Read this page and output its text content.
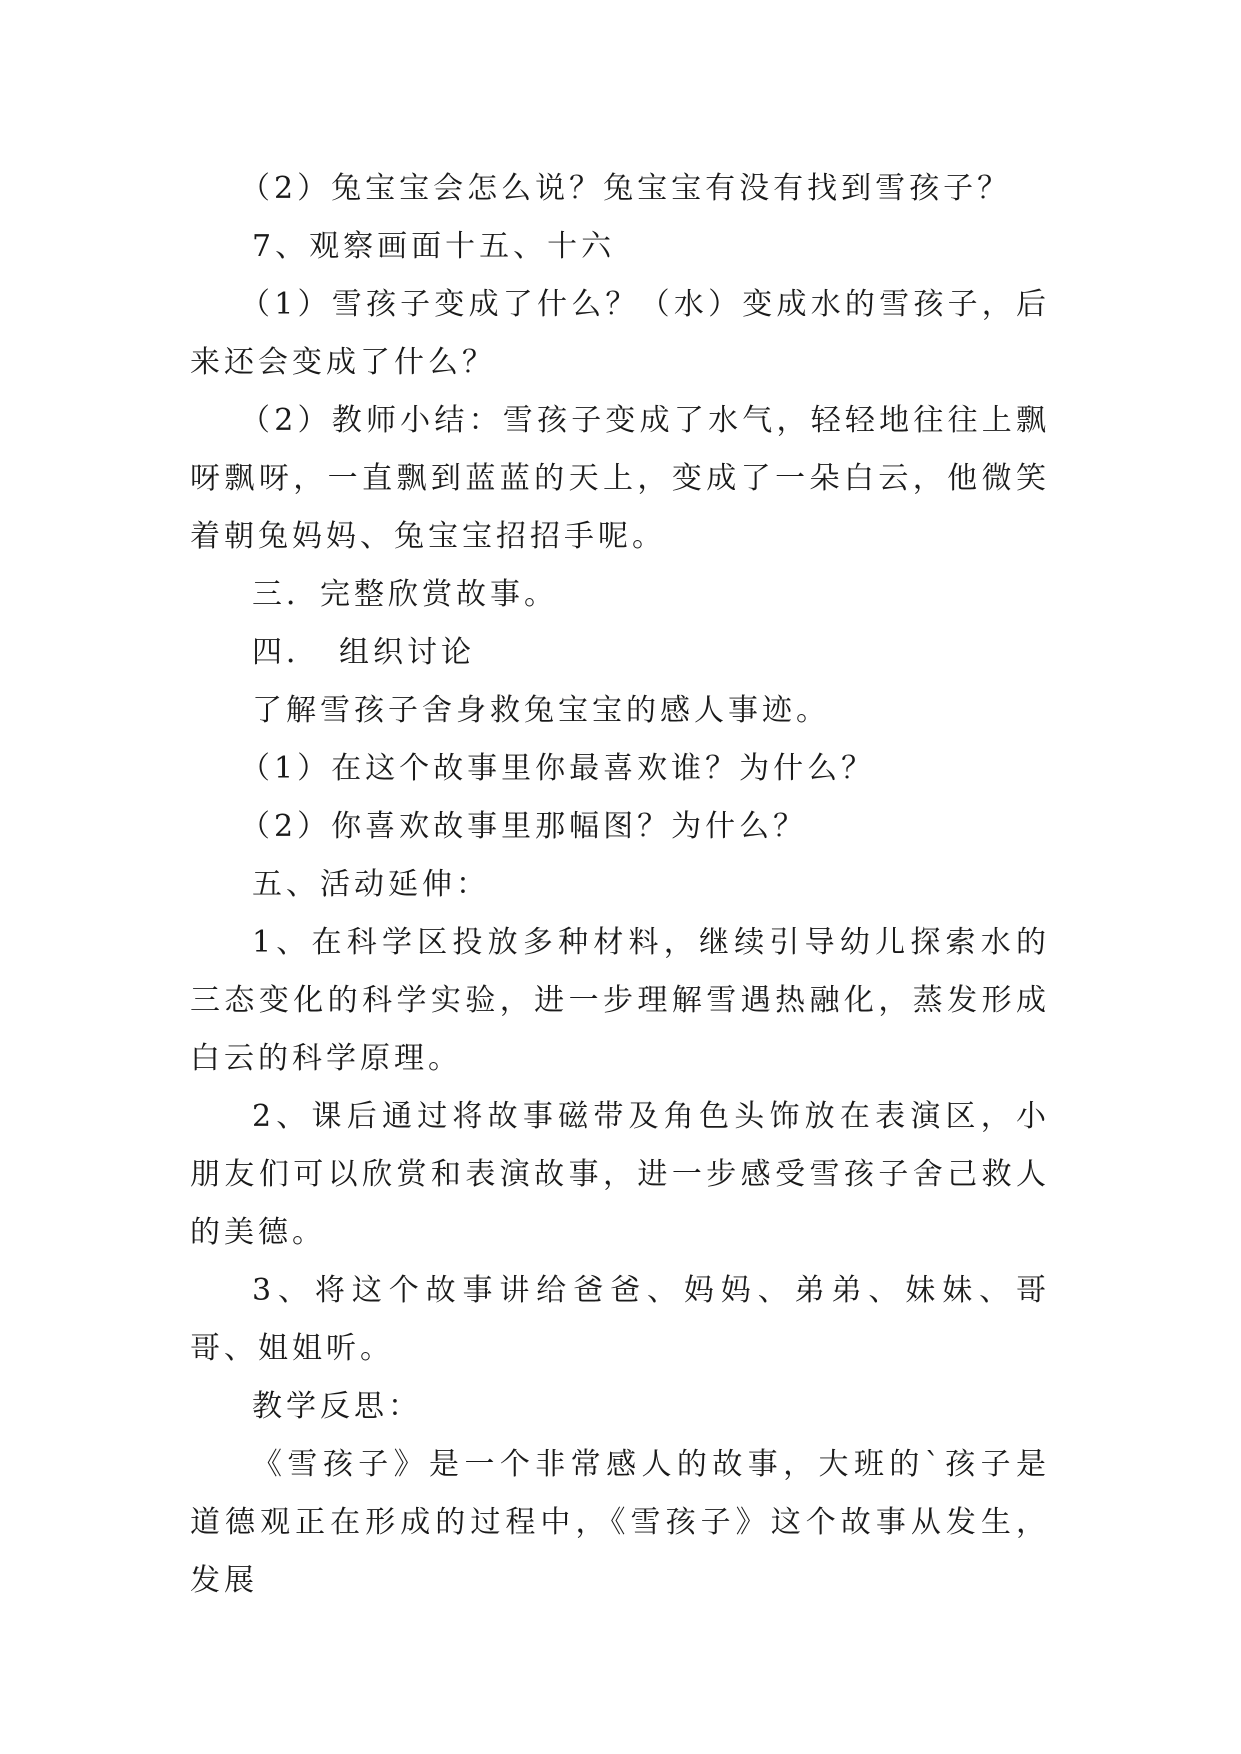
（2）兔宝宝会怎么说？兔宝宝有没有找到雪孩子？

7、观察画面十五、十六

（1）雪孩子变成了什么？（水）变成水的雪孩子，后来还会变成了什么？

（2）教师小结：雪孩子变成了水气，轻轻地往往上飘呀飘呀，一直飘到蓝蓝的天上，变成了一朵白云，他微笑着朝兔妈妈、兔宝宝招招手呢。

三．完整欣赏故事。

四．　组织讨论

了解雪孩子舍身救兔宝宝的感人事迹。

（1）在这个故事里你最喜欢谁？为什么？

（2）你喜欢故事里那幅图？为什么？

五、活动延伸：

1、在科学区投放多种材料，继续引导幼儿探索水的三态变化的科学实验，进一步理解雪遇热融化，蒸发形成白云的科学原理。

2、课后通过将故事磁带及角色头饰放在表演区，小朋友们可以欣赏和表演故事，进一步感受雪孩子舍己救人的美德。

3、将这个故事讲给爸爸、妈妈、弟弟、妹妹、哥哥、姐姐听。

教学反思：

《雪孩子》是一个非常感人的故事，大班的`孩子是道德观正在形成的过程中，《雪孩子》这个故事从发生，发展
